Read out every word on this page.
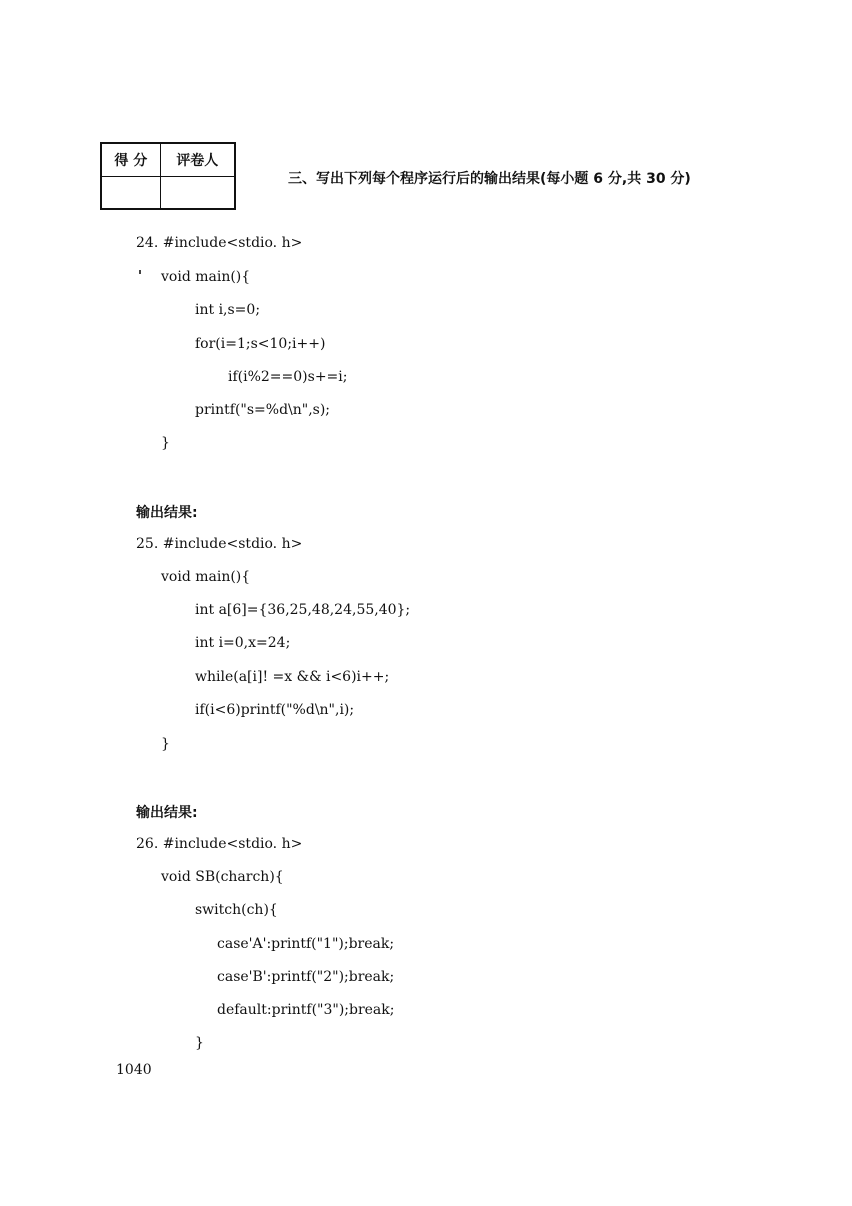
得 分	评卷人

三、写出下列每个程序运行后的输出结果(每小题 6 分,共 30 分)
24. #include<stdio. h>
void main(){
int i,s=0;
for(i=1;s<10;i++)
if(i%2==0)s+=i;
printf("s=%d\n",s);
}
输出结果:
25. #include<stdio. h>
void main(){
int a[6]={36,25,48,24,55,40};
int i=0,x=24;
while(a[i]! =x && i<6)i++;
if(i<6)printf("%d\n",i);
}
输出结果:
26. #include<stdio. h>
void SB(charch){
switch(ch){
case'A':printf("1");break;
case'B':printf("2");break;
default:printf("3");break;
}
1040
